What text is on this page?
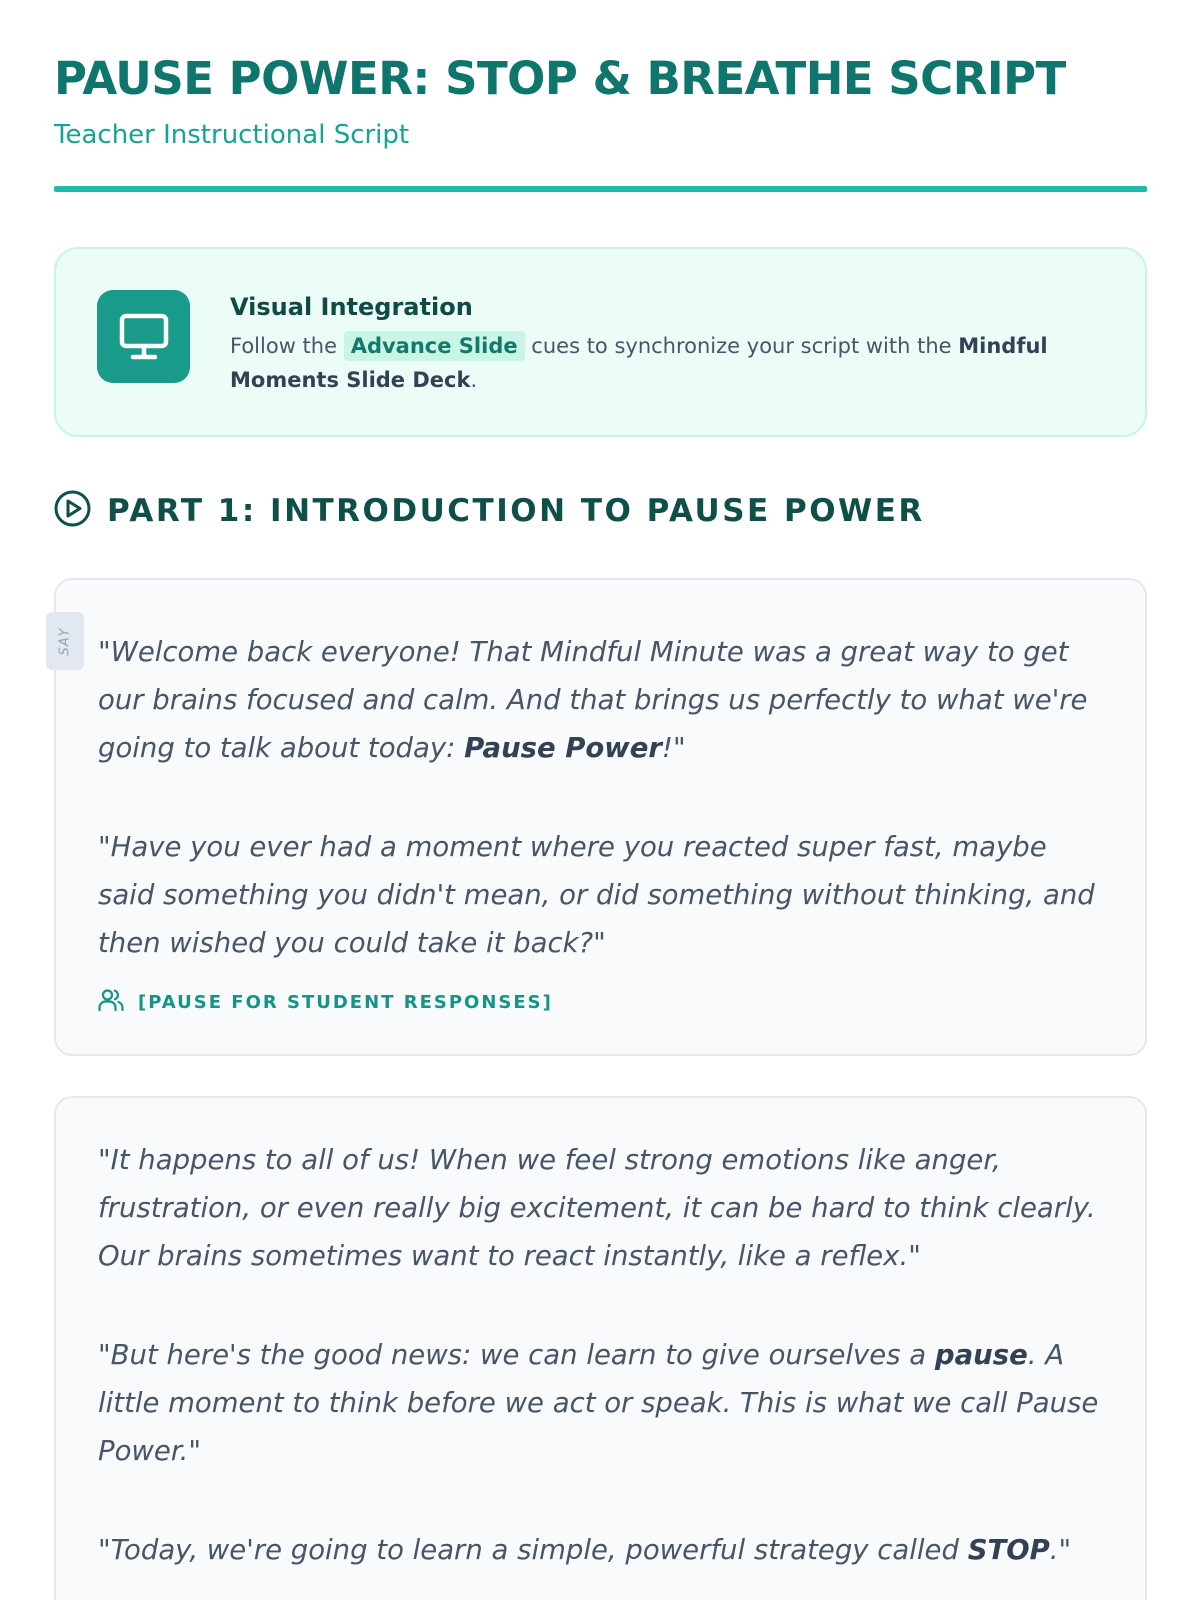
PAUSE POWER: STOP & BREATHE SCRIPT
Teacher Instructional Script
Visual Integration
Follow the Advance Slide cues to synchronize your script with the Mindful Moments Slide Deck.
PART 1: INTRODUCTION TO PAUSE POWER
SAY "Welcome back everyone! That Mindful Minute was a great way to get our brains focused and calm. And that brings us perfectly to what we're going to talk about today: Pause Power!"

"Have you ever had a moment where you reacted super fast, maybe said something you didn't mean, or did something without thinking, and then wished you could take it back?"

[PAUSE FOR STUDENT RESPONSES]

"It happens to all of us! When we feel strong emotions like anger, frustration, or even really big excitement, it can be hard to think clearly. Our brains sometimes want to react instantly, like a reflex."

"But here's the good news: we can learn to give ourselves a pause. A little moment to think before we act or speak. This is what we call Pause Power."

"Today, we're going to learn a simple, powerful strategy called STOP."
